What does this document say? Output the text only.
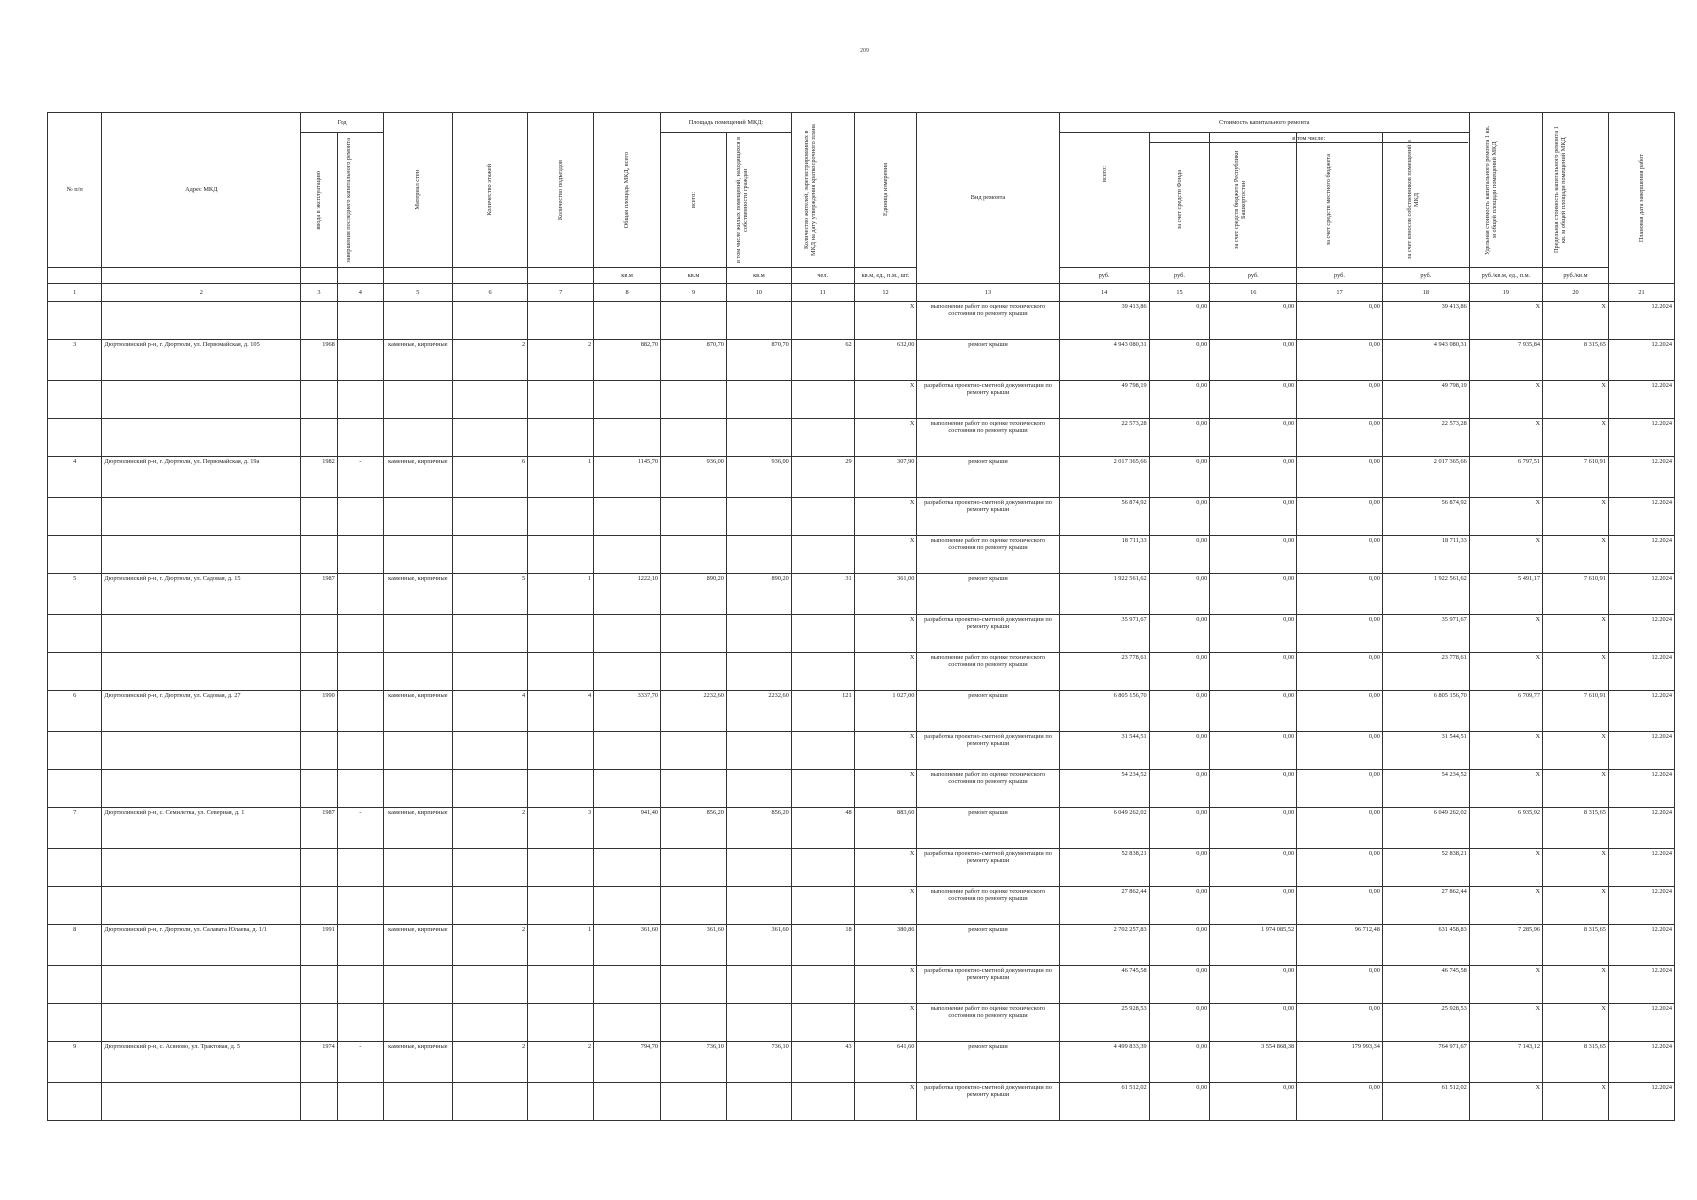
209
№ п/п	Адрес МКД	Год		Материал стен	Количество этажей	Количество подъездов	Общая площадь МКД, всего	Площадь помещений МКД:		Количество жителей, зарегистрированных в МКД на дату утверждения краткосрочного плана	Единица измерения	Вид ремонта	Стоимость капитального ремонта					Удельная стоимость капитального ремонта 1 кв. м общей площади помещений МКД	Предельная стоимость капитального ремонта 1 кв. м общей площади помещений МКД	Плановая дата завершения работ

		ввода в эксплуатацию	завершения последнего капитального ремонта					всего:	в том числе жилых помещений, находящихся в собственности граждан				всего:	за счет средств Фонда	за счет средств бюджета Республики Башкортостан	за счет средств местного бюджета	за счет взносов собственников помещений в МКД			

							кв.м	кв.м	кв.м	чел.	кв.м, ед., п.м., шт.		руб.	руб.	руб.	руб.	руб.	руб./кв.м, ед., п.м.	руб./кв.м	
1	2	3	4	5	6	7	8	9	10	11	12	13	14	15	16	17	18	19	20	21
											X	выполнение работ по оценке технического состояния по ремонту крыши	39 413,86	0,00	0,00	0,00	39 413,86	X	X	12.2024
3	Дюртюлинский р-н, г. Дюртюли, ул. Первомайская, д. 105	1968		каменные, кирпичные	2	2	882,70	870,70	870,70	62	632,00	ремонт крыши	4 943 080,31	0,00	0,00	0,00	4 943 080,31	7 935,84	8 315,65	12.2024
											X	разработка проектно-сметной документации по ремонту крыши	49 798,19	0,00	0,00	0,00	49 798,19	X	X	12.2024
											X	выполнение работ по оценке технического состояния по ремонту крыши	22 573,28	0,00	0,00	0,00	22 573,28	X	X	12.2024
4	Дюртюлинский р-н, г. Дюртюли, ул. Первомайская, д. 19а	1982	-	каменные, кирпичные	6	1	1145,70	936,00	936,00	29	307,90	ремонт крыши	2 017 365,66	0,00	0,00	0,00	2 017 365,66	6 797,51	7 610,91	12.2024
											X	разработка проектно-сметной документации по ремонту крыши	56 874,92	0,00	0,00	0,00	56 874,92	X	X	12.2024
											X	выполнение работ по оценке технического состояния по ремонту крыши	18 711,33	0,00	0,00	0,00	18 711,33	X	X	12.2024
5	Дюртюлинский р-н, г. Дюртюли, ул. Садовая, д. 15	1987		каменные, кирпичные	5	1	1222,10	890,20	890,20	31	361,00	ремонт крыши	1 922 561,62	0,00	0,00	0,00	1 922 561,62	5 491,17	7 610,91	12.2024
											X	разработка проектно-сметной документации по ремонту крыши	35 971,67	0,00	0,00	0,00	35 971,67	X	X	12.2024
											X	выполнение работ по оценке технического состояния по ремонту крыши	23 778,61	0,00	0,00	0,00	23 778,61	X	X	12.2024
6	Дюртюлинский р-н, г. Дюртюли, ул. Садовая, д. 27	1990		каменные, кирпичные	4	4	3337,70	2232,60	2232,60	121	1 027,00	ремонт крыши	6 805 156,70	0,00	0,00	0,00	6 805 156,70	6 709,77	7 610,91	12.2024
											X	разработка проектно-сметной документации по ремонту крыши	31 544,51	0,00	0,00	0,00	31 544,51	X	X	12.2024
											X	выполнение работ по оценке технического состояния по ремонту крыши	54 234,52	0,00	0,00	0,00	54 234,52	X	X	12.2024
7	Дюртюлинский р-н, с. Семилетка, ул. Северная, д. 1	1987	-	каменные, кирпичные	2	3	941,40	856,20	856,20	48	883,60	ремонт крыши	6 049 262,02	0,00	0,00	0,00	6 049 262,02	6 935,92	8 315,65	12.2024
											X	разработка проектно-сметной документации по ремонту крыши	52 838,21	0,00	0,00	0,00	52 838,21	X	X	12.2024
											X	выполнение работ по оценке технического состояния по ремонту крыши	27 862,44	0,00	0,00	0,00	27 862,44	X	X	12.2024
8	Дюртюлинский р-н, г. Дюртюли, ул. Салавата Юлаева, д. 1/1	1991		каменные, кирпичные	2	1	361,60	361,60	361,60	18	380,86	ремонт крыши	2 702 257,83	0,00	1 974 085,52	96 712,48	631 458,83	7 285,96	8 315,65	12.2024
											X	разработка проектно-сметной документации по ремонту крыши	46 745,58	0,00	0,00	0,00	46 745,58	X	X	12.2024
											X	выполнение работ по оценке технического состояния по ремонту крыши	25 928,53	0,00	0,00	0,00	25 928,53	X	X	12.2024
9	Дюртюлинский р-н, с. Асяново, ул. Трактовая, д. 5	1974	-	каменные, кирпичные	2	2	794,70	736,10	736,10	43	641,60	ремонт крыши	4 499 833,39	0,00	3 554 868,38	179 993,34	764 971,67	7 143,12	8 315,65	12.2024
											X	разработка проектно-сметной документации по ремонту крыши	61 512,02	0,00	0,00	0,00	61 512,02	X	X	12.2024
в том числе:
